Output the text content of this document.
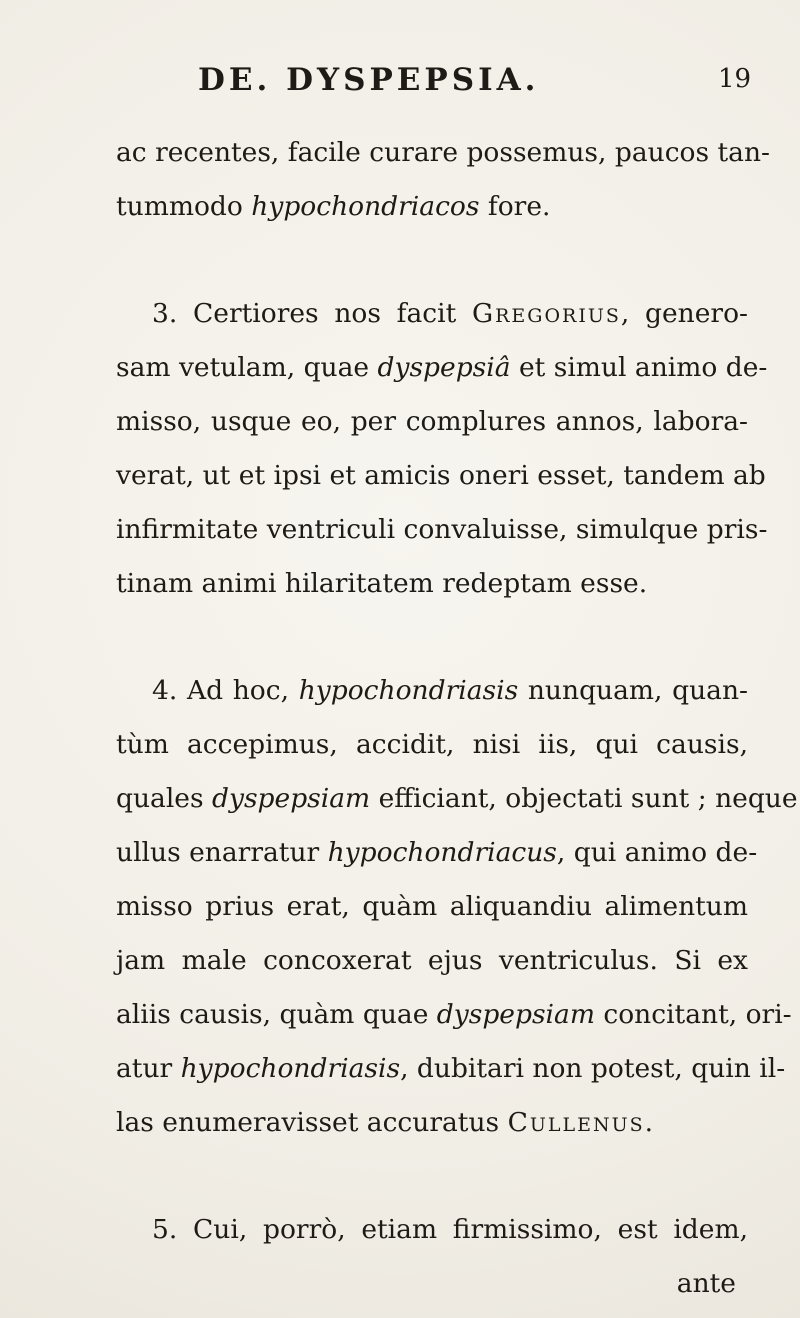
DE. DYSPEPSIA.	19
ac recentes, facile curare possemus, paucos tan-
tummodo hypochondriacos fore.
3. Certiores nos facit Gregorius, genero-
sam vetulam, quae dyspepsiâ et simul animo de-
misso, usque eo, per complures annos, labora-
verat, ut et ipsi et amicis oneri esset, tandem ab
infirmitate ventriculi convaluisse, simulque pris-
tinam animi hilaritatem redeptam esse.
4. Ad hoc, hypochondriasis nunquam, quan-
tùm accepimus, accidit, nisi iis, qui causis,
quales dyspepsiam efficiant, objectati sunt ; neque
ullus enarratur hypochondriacus, qui animo de-
misso prius erat, quàm aliquandiu alimentum
jam male concoxerat ejus ventriculus. Si ex
aliis causis, quàm quae dyspepsiam concitant, ori-
atur hypochondriasis, dubitari non potest, quin il-
las enumeravisset accuratus Cullenus.
5. Cui, porrò, etiam firmissimo, est idem,
ante
